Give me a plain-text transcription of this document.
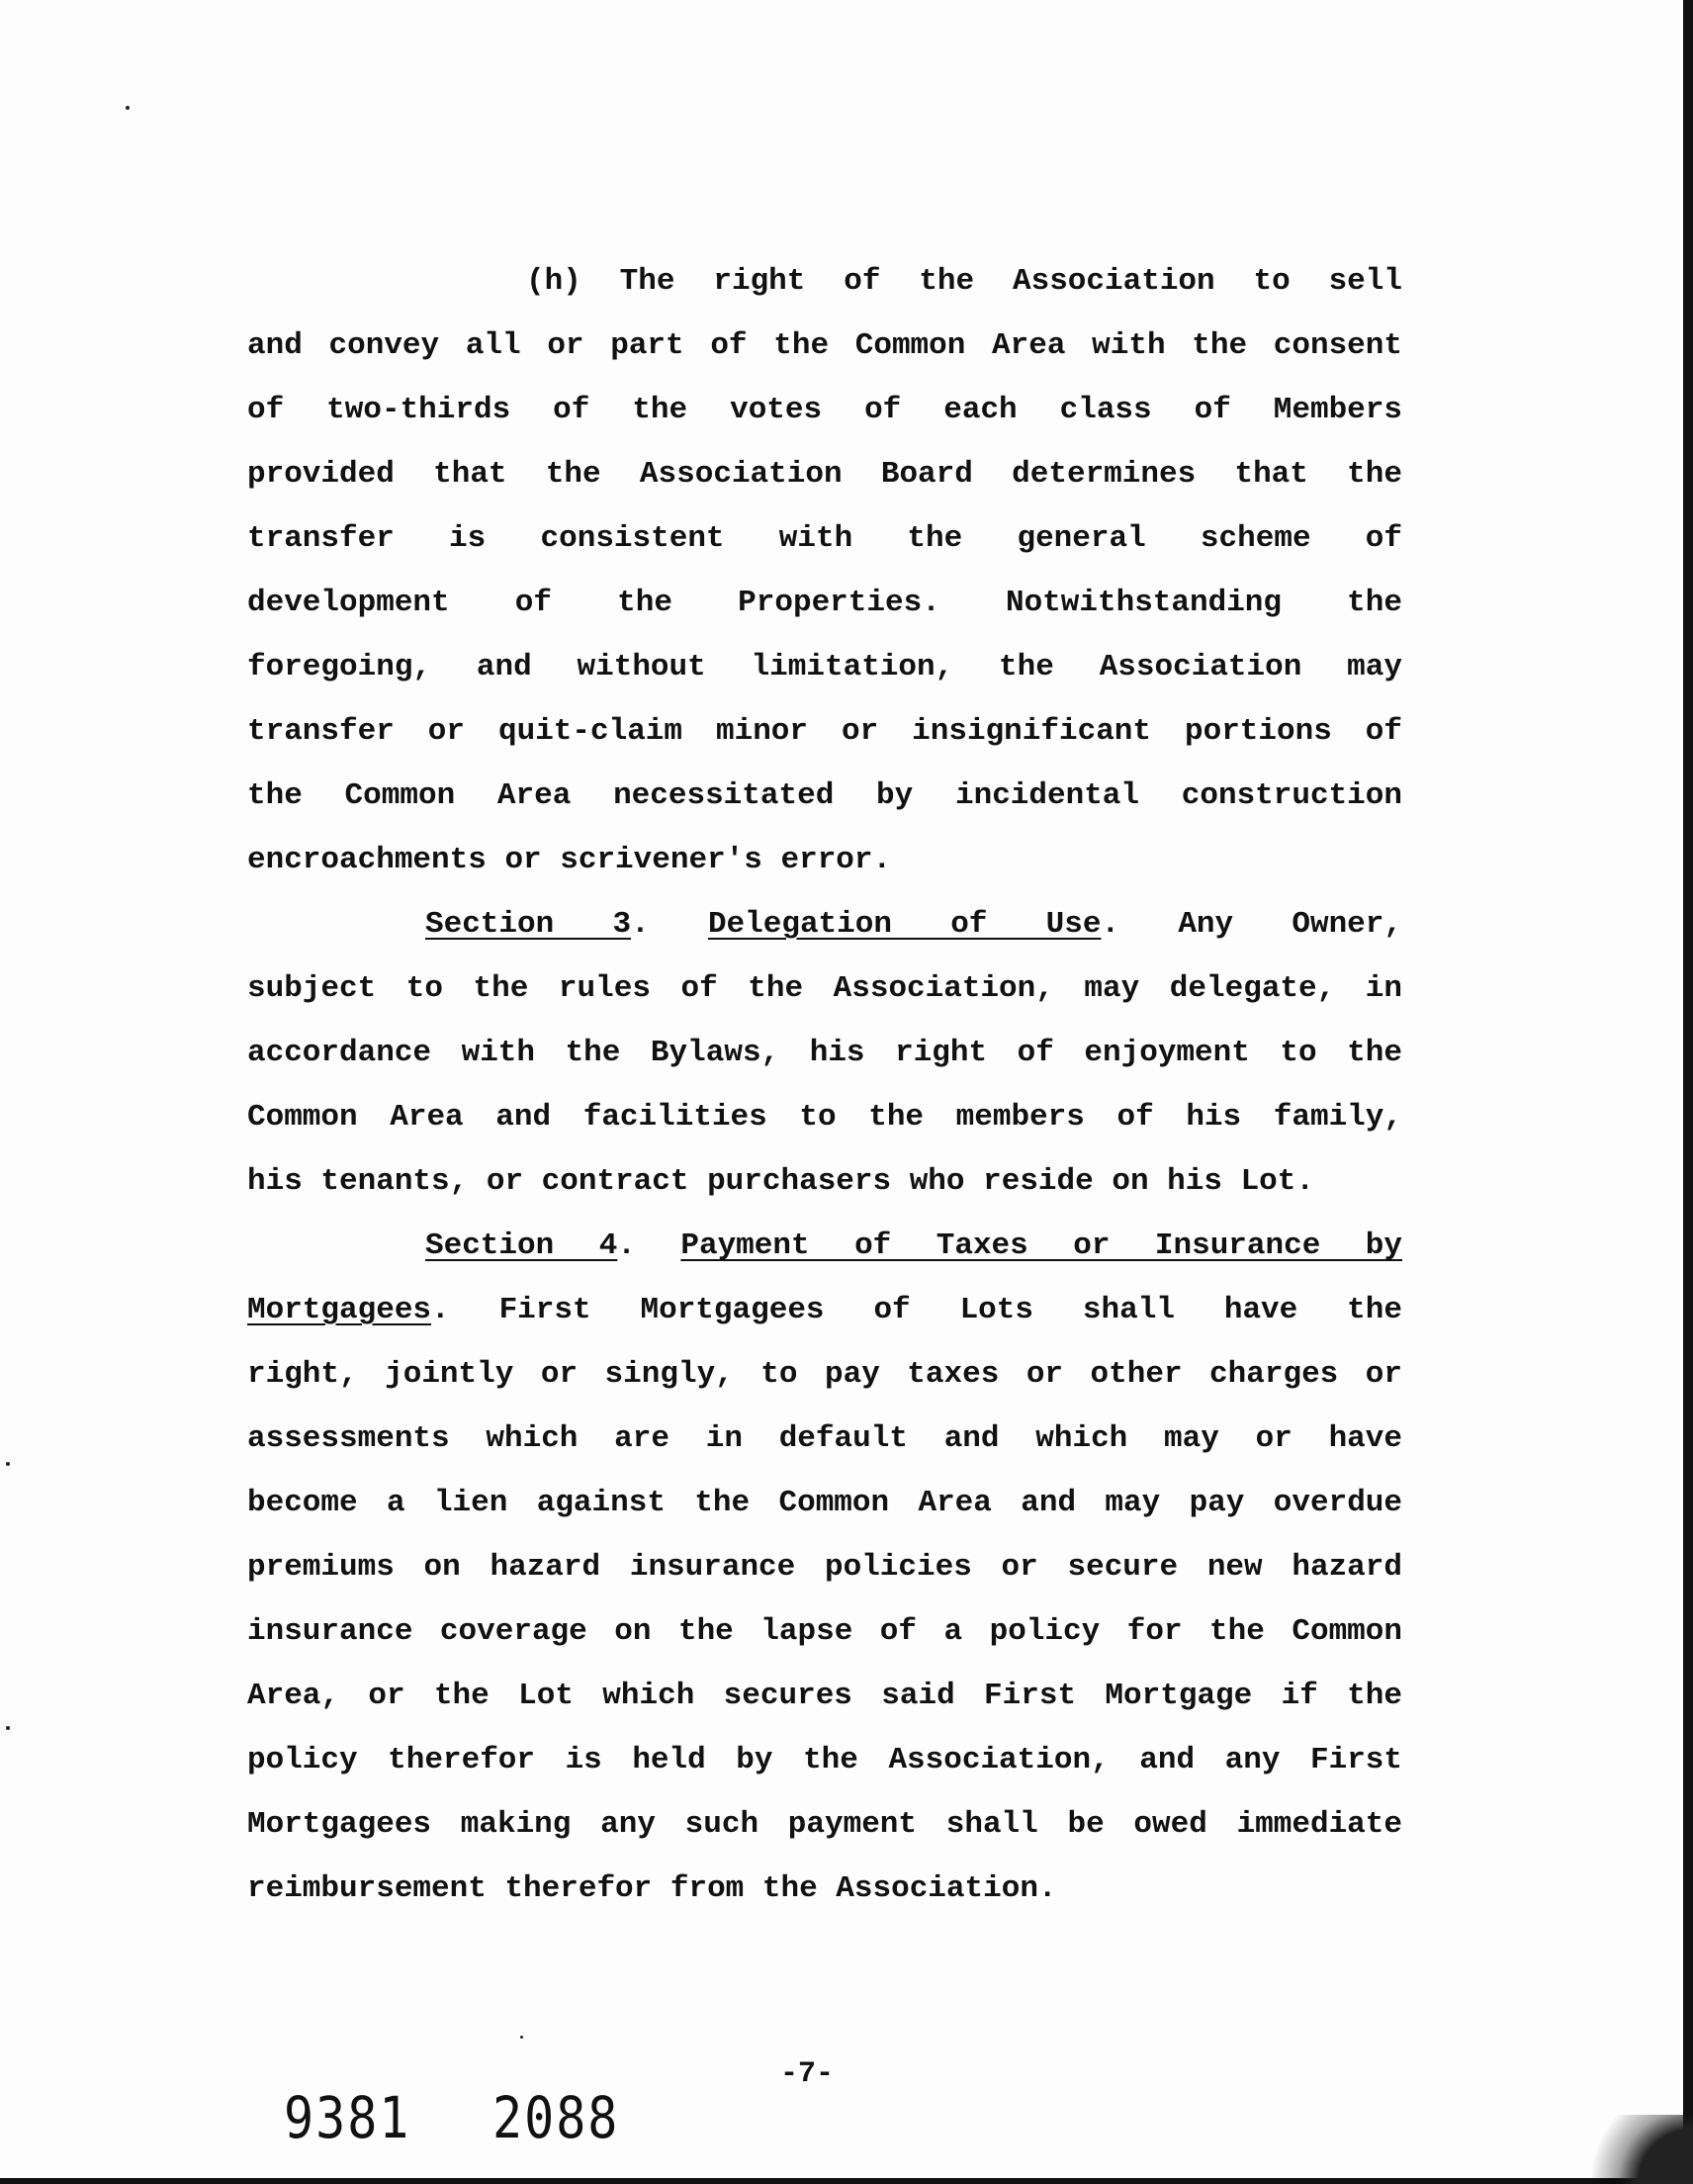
(h) The right of the Association to sell
and convey all or part of the Common Area with the consent
of two-thirds of the votes of each class of Members
provided that the Association Board determines that the
transfer is consistent with the general scheme of
development of the Properties. Notwithstanding the
foregoing, and without limitation, the Association may
transfer or quit-claim minor or insignificant portions of
the Common Area necessitated by incidental construction
encroachments or scrivener's error.
Section 3. Delegation of Use. Any Owner,
subject to the rules of the Association, may delegate, in
accordance with the Bylaws, his right of enjoyment to the
Common Area and facilities to the members of his family,
his tenants, or contract purchasers who reside on his Lot.
Section 4. Payment of Taxes or Insurance by
Mortgagees. First Mortgagees of Lots shall have the
right, jointly or singly, to pay taxes or other charges or
assessments which are in default and which may or have
become a lien against the Common Area and may pay overdue
premiums on hazard insurance policies or secure new hazard
insurance coverage on the lapse of a policy for the Common
Area, or the Lot which secures said First Mortgage if the
policy therefor is held by the Association, and any First
Mortgagees making any such payment shall be owed immediate
reimbursement therefor from the Association.
-7-
9381 2088
